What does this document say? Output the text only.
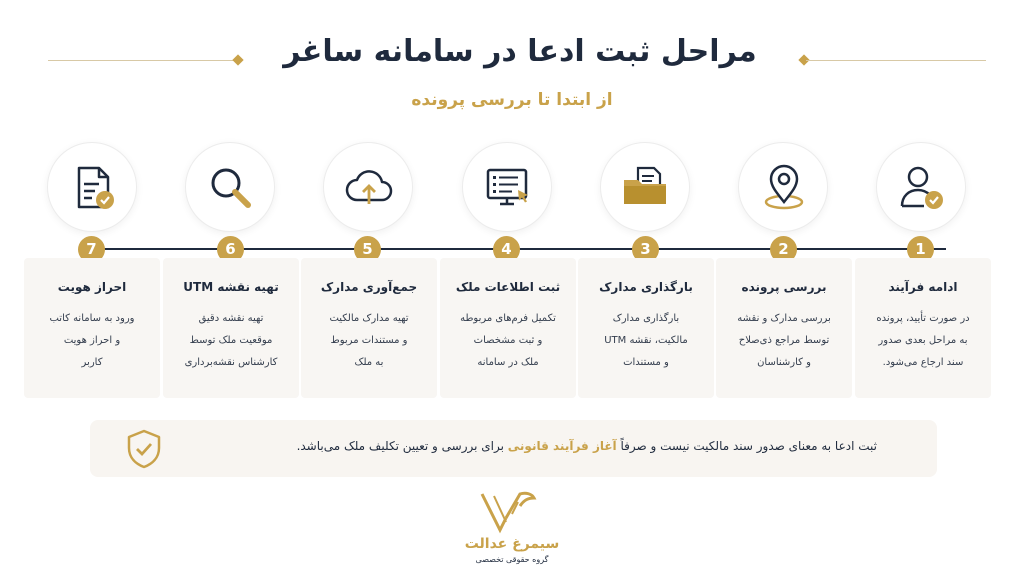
مراحل ثبت ادعا در سامانه ساغر
از ابتدا تا بررسی پرونده
7	6	5	4	3	2	1
احراز هویت
ورود به سامانه کاتب
و احراز هویت
کاربر
تهیه نقشه UTM
تهیه نقشه دقیق
موقعیت ملک توسط
کارشناس نقشه‌برداری
جمع‌آوری مدارک
تهیه مدارک مالکیت
و مستندات مربوط
به ملک
ثبت اطلاعات ملک
تکمیل فرم‌های مربوطه
و ثبت مشخصات
ملک در سامانه
بارگذاری مدارک
بارگذاری مدارک
مالکیت، نقشه UTM
و مستندات
بررسی پرونده
بررسی مدارک و نقشه
توسط مراجع ذی‌صلاح
و کارشناسان
ادامه فرآیند
در صورت تأیید، پرونده
به مراحل بعدی صدور
سند ارجاع می‌شود.
ثبت ادعا به معنای صدور سند مالکیت نیست و صرفاً آغاز فرآیند قانونی برای بررسی و تعیین تکلیف ملک می‌باشد.
سیمرغ عدالت
گروه حقوقی تخصصی
